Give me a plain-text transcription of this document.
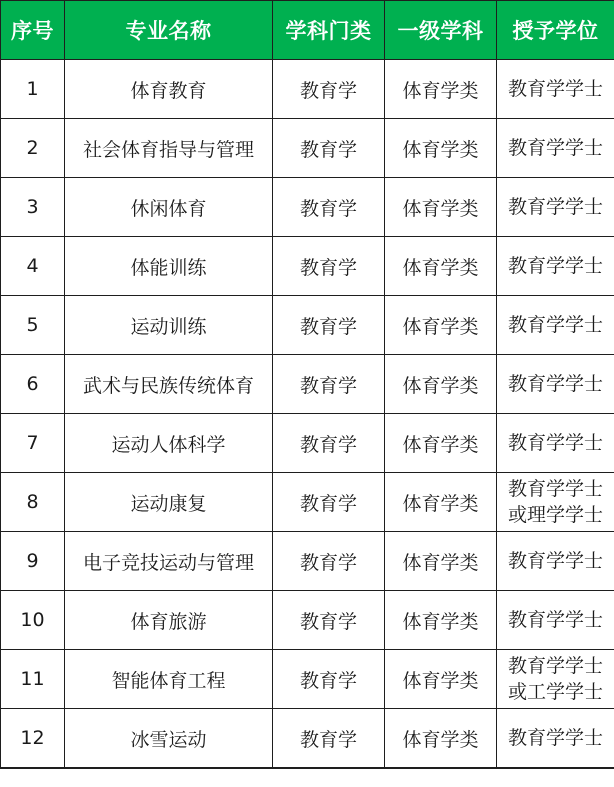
序号	专业名称	学科门类	一级学科	授予学位
1	体育教育	教育学	体育学类	教育学学士

2	社会体育指导与管理	教育学	体育学类	教育学学士

3	休闲体育	教育学	体育学类	教育学学士

4	体能训练	教育学	体育学类	教育学学士

5	运动训练	教育学	体育学类	教育学学士

6	武术与民族传统体育	教育学	体育学类	教育学学士

7	运动人体科学	教育学	体育学类	教育学学士

8	运动康复	教育学	体育学类	教育学学士
或理学学士

9	电子竞技运动与管理	教育学	体育学类	教育学学士

10	体育旅游	教育学	体育学类	教育学学士

11	智能体育工程	教育学	体育学类	教育学学士
或工学学士

12	冰雪运动	教育学	体育学类	教育学学士
